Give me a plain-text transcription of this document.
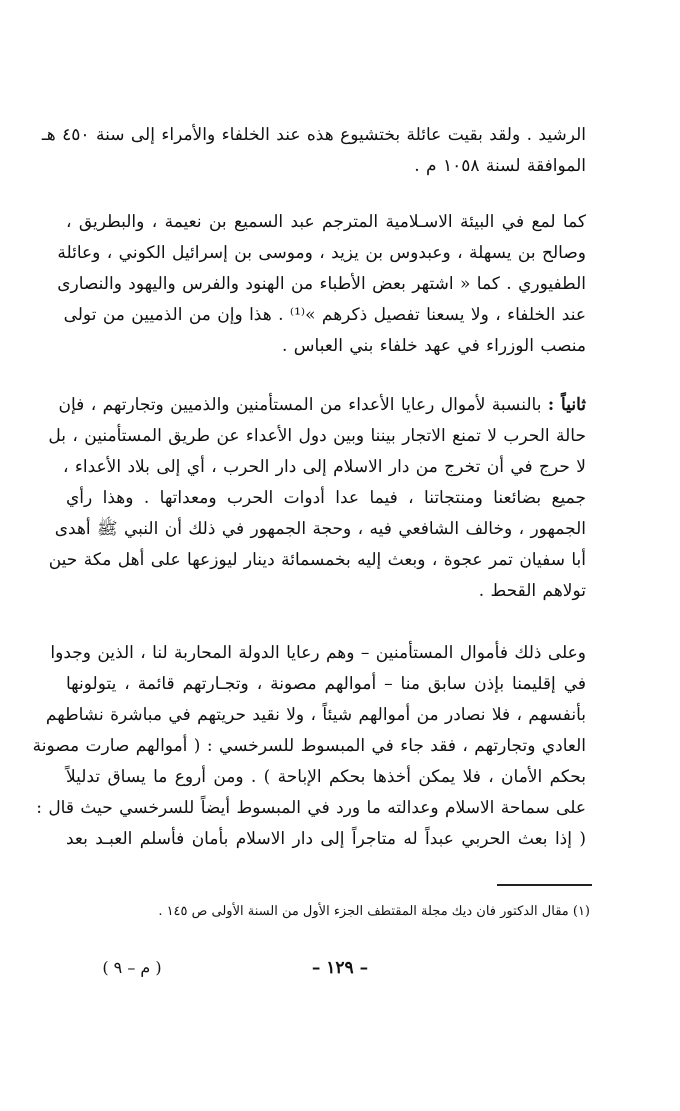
الرشيد . ولقد بقيت عائلة بختشيوع هذه عند الخلفاء والأمراء إلى سنة ٤٥٠ هـ
الموافقة لسنة ١٠٥٨ م .
كما لمع في البيئة الاسـلامية المترجم عبد السميع بن نعيمة ، والبطريق ،
وصالح بن يسهلة ، وعبدوس بن يزيد ، وموسى بن إسرائيل الكوني ، وعائلة
الطفيوري . كما « اشتهر بعض الأطباء من الهنود والفرس واليهود والنصارى
عند الخلفاء ، ولا يسعنا تفصيل ذكرهم »⁽¹⁾ . هذا وإن من الذميين من تولى
منصب الوزراء في عهد خلفاء بني العباس .
ثانياً : بالنسبة لأموال رعايا الأعداء من المستأمنين والذميين وتجارتهم ، فإن
حالة الحرب لا تمنع الاتجار بيننا وبين دول الأعداء عن طريق المستأمنين ، بل
لا حرج في أن تخرج من دار الاسلام إلى دار الحرب ، أي إلى بلاد الأعداء ،
جميع بضائعنا ومنتجاتنا ، فيما عدا أدوات الحرب ومعداتها . وهذا رأي
الجمهور ، وخالف الشافعي فيه ، وحجة الجمهور في ذلك أن النبي ﷺ أهدى
أبا سفيان تمر عجوة ، وبعث إليه بخمسمائة دينار ليوزعها على أهل مكة حين
تولاهم القحط .
وعلى ذلك فأموال المستأمنين – وهم رعايا الدولة المحاربة لنا ، الذين وجدوا
في إقليمنا بإذن سابق منا – أموالهم مصونة ، وتجـارتهم قائمة ، يتولونها
بأنفسهم ، فلا نصادر من أموالهم شيئاً ، ولا نقيد حريتهم في مباشرة نشاطهم
العادي وتجارتهم ، فقد جاء في المبسوط للسرخسي : ( أموالهم صارت مصونة
بحكم الأمان ، فلا يمكن أخذها بحكم الإباحة ) . ومن أروع ما يساق تدليلاً
على سماحة الاسلام وعدالته ما ورد في المبسوط أيضاً للسرخسي حيث قال :
( إذا بعث الحربي عبداً له متاجراً إلى دار الاسلام بأمان فأسلم العبـد بعد
(١) مقال الدكتور فان ديك مجلة المقتطف الجزء الأول من السنة الأولى ص ١٤٥ .
– ١٢٩ –
( م – ٩ )
